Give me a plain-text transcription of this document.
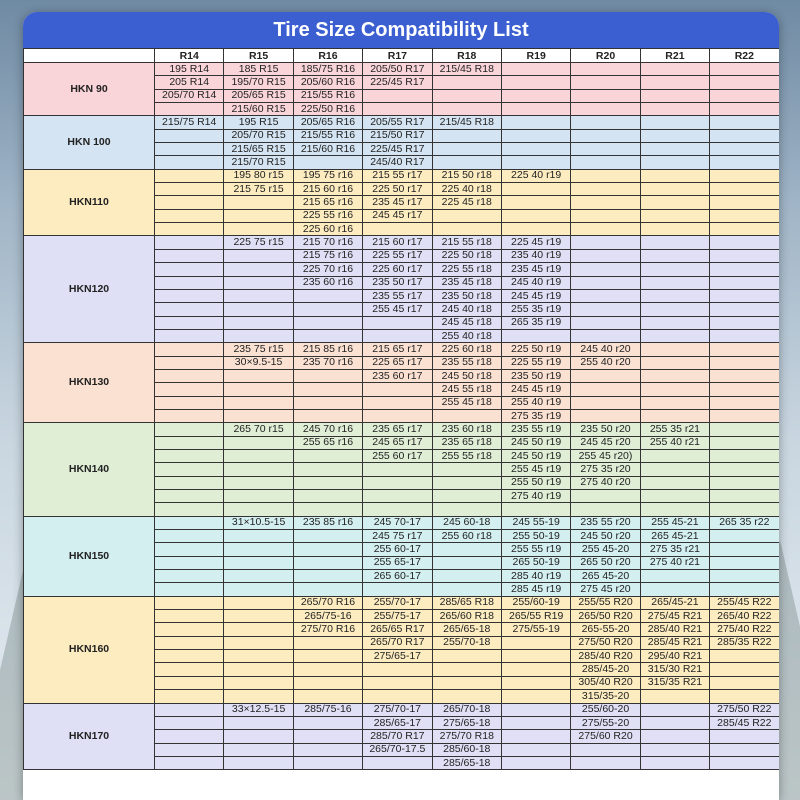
Tire Size Compatibility List
	R14	R15	R16	R17	R18	R19	R20	R21	R22
HKN 90	195 R14	185 R15	185/75 R16	205/50 R17	215/45 R18				
	205 R14	195/70 R15	205/60 R16	225/45 R17					
	205/70 R14	205/65 R15	215/55 R16						
		215/60 R15	225/50 R16						
HKN 100	215/75 R14	195 R15	205/65 R16	205/55 R17	215/45 R18				
		205/70 R15	215/55 R16	215/50 R17					
		215/65 R15	215/60 R16	225/45 R17					
		215/70 R15		245/40 R17					
HKN110		195 80 r15	195 75 r16	215 55 r17	215 50 r18	225 40 r19			
		215 75 r15	215 60 r16	225 50 r17	225 40 r18				
			215 65 r16	235 45 r17	225 45 r18				
			225 55 r16	245 45 r17					
			225 60 r16						
HKN120		225 75 r15	215 70 r16	215 60 r17	215 55 r18	225 45 r19			
			215 75 r16	225 55 r17	225 50 r18	235 40 r19			
			225 70 r16	225 60 r17	225 55 r18	235 45 r19			
			235 60 r16	235 50 r17	235 45 r18	245 40 r19			
				235 55 r17	235 50 r18	245 45 r19			
				255 45 r17	245 40 r18	255 35 r19			
					245 45 r18	265 35 r19			
					255 40 r18				
HKN130		235 75 r15	215 85 r16	215 65 r17	225 60 r18	225 50 r19	245 40 r20		
		30×9.5-15	235 70 r16	225 65 r17	235 55 r18	225 55 r19	255 40 r20		
				235 60 r17	245 50 r18	235 50 r19			
					245 55 r18	245 45 r19			
					255 45 r18	255 40 r19			
						275 35 r19			
HKN140		265 70 r15	245 70 r16	235 65 r17	235 60 r18	235 55 r19	235 50 r20	255 35 r21	
			255 65 r16	245 65 r17	235 65 r18	245 50 r19	245 45 r20	255 40 r21	
				255 60 r17	255 55 r18	245 50 r19	255 45 r20)		
						255 45 r19	275 35 r20		
						255 50 r19	275 40 r20		
						275 40 r19			

HKN150		31×10.5-15	235 85 r16	245 70-17	245 60-18	245 55-19	235 55 r20	255 45-21	265 35 r22
				245 75 r17	255 60 r18	255 50-19	245 50 r20	265 45-21	
				255 60-17		255 55 r19	255 45-20	275 35 r21	
				255 65-17		265 50-19	265 50 r20	275 40 r21	
				265 60-17		285 40 r19	265 45-20		
						285 45 r19	275 45 r20		
HKN160			265/70 R16	255/70-17	285/65 R18	255/60-19	255/55 R20	265/45-21	255/45 R22
			265/75-16	255/75-17	265/60 R18	265/55 R19	265/50 R20	275/45 R21	265/40 R22
			275/70 R16	265/65 R17	265/65-18	275/55-19	265-55-20	285/40 R21	275/40 R22
				265/70 R17	255/70-18		275/50 R20	285/45 R21	285/35 R22
				275/65-17			285/40 R20	295/40 R21	
							285/45-20	315/30 R21	
							305/40 R20	315/35 R21	
							315/35-20		
HKN170		33×12.5-15	285/75-16	275/70-17	265/70-18		255/60-20		275/50 R22
				285/65-17	275/65-18		275/55-20		285/45 R22
				285/70 R17	275/70 R18		275/60 R20		
				265/70-17.5	285/60-18				
					285/65-18				
